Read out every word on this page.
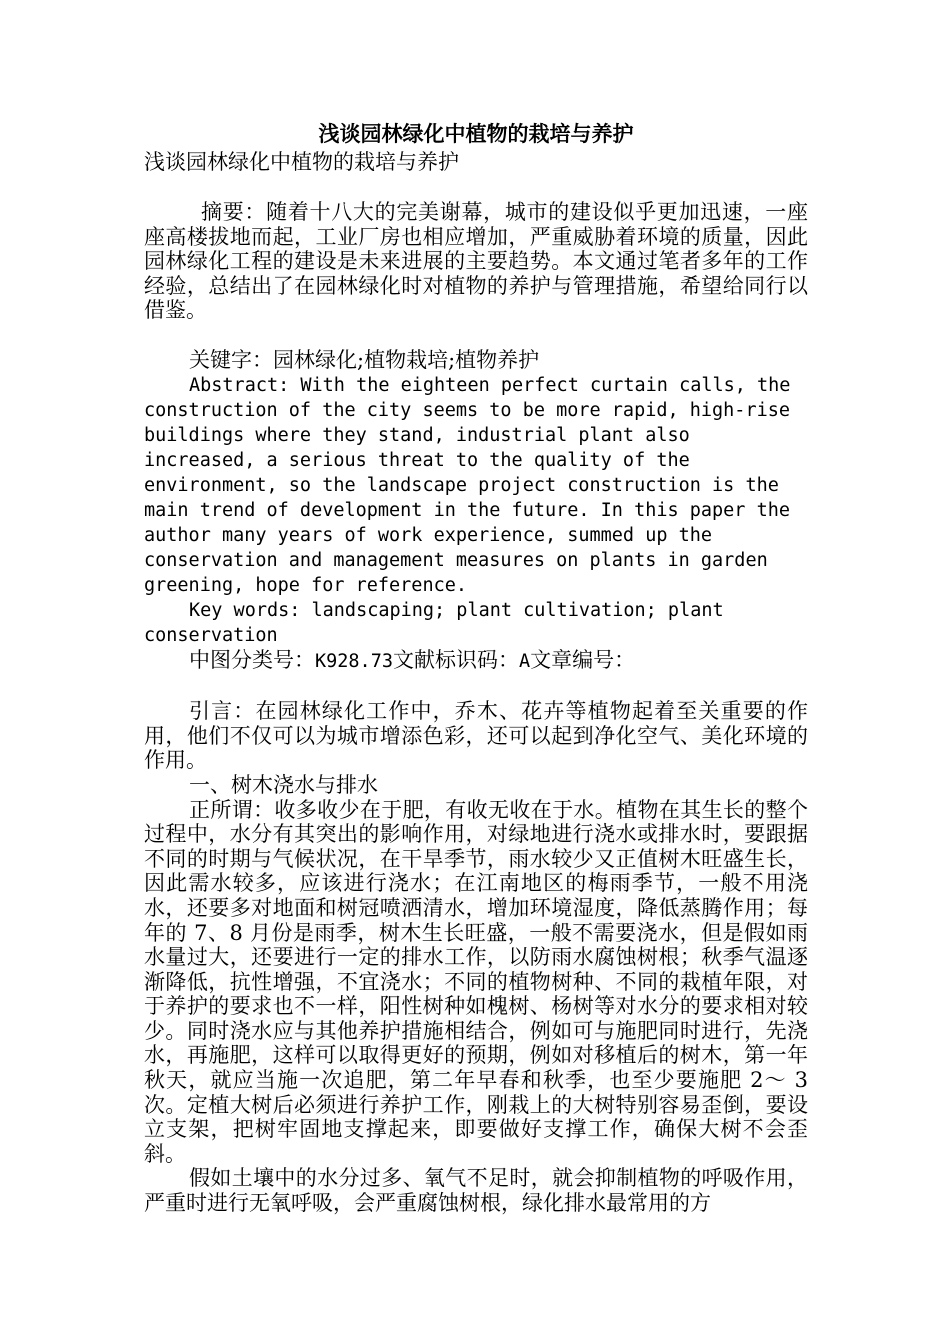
浅谈园林绿化中植物的栽培与养护

浅谈园林绿化中植物的栽培与养护

摘要：随着十八大的完美谢幕，城市的建设似乎更加迅速，一座座高楼拔地而起，工业厂房也相应增加，严重威胁着环境的质量，因此园林绿化工程的建设是未来进展的主要趋势。本文通过笔者多年的工作经验，总结出了在园林绿化时对植物的养护与管理措施，希望给同行以借鉴。

关键字：园林绿化;植物栽培;植物养护

Abstract: With the eighteen perfect curtain calls, the construction of the city seems to be more rapid, high-rise buildings where they stand, industrial plant also increased, a serious threat to the quality of the environment, so the landscape project construction is the main trend of development in the future. In this paper the author many years of work experience, summed up the conservation and management measures on plants in garden greening, hope for reference.

Key words: landscaping; plant cultivation; plant conservation

中图分类号：K928.73文献标识码：A文章编号：

引言：在园林绿化工作中，乔木、花卉等植物起着至关重要的作用，他们不仅可以为城市增添色彩，还可以起到净化空气、美化环境的作用。

一、树木浇水与排水

正所谓：收多收少在于肥，有收无收在于水。植物在其生长的整个过程中，水分有其突出的影响作用，对绿地进行浇水或排水时，要跟据不同的时期与气候状况，在干旱季节，雨水较少又正值树木旺盛生长，因此需水较多，应该进行浇水；在江南地区的梅雨季节，一般不用浇水，还要多对地面和树冠喷洒清水，增加环境湿度，降低蒸腾作用；每年的 7、8 月份是雨季，树木生长旺盛，一般不需要浇水，但是假如雨水量过大，还要进行一定的排水工作，以防雨水腐蚀树根；秋季气温逐渐降低，抗性增强，不宜浇水；不同的植物树种、不同的栽植年限，对于养护的要求也不一样，阳性树种如槐树、杨树等对水分的要求相对较少。同时浇水应与其他养护措施相结合，例如可与施肥同时进行，先浇水，再施肥，这样可以取得更好的预期，例如对移植后的树木，第一年秋天，就应当施一次追肥，第二年早春和秋季，也至少要施肥 2～ 3 次。定植大树后必须进行养护工作，刚栽上的大树特别容易歪倒，要设立支架，把树牢固地支撑起来，即要做好支撑工作，确保大树不会歪斜。

假如土壤中的水分过多、氧气不足时，就会抑制植物的呼吸作用，严重时进行无氧呼吸，会严重腐蚀树根，绿化排水最常用的方
